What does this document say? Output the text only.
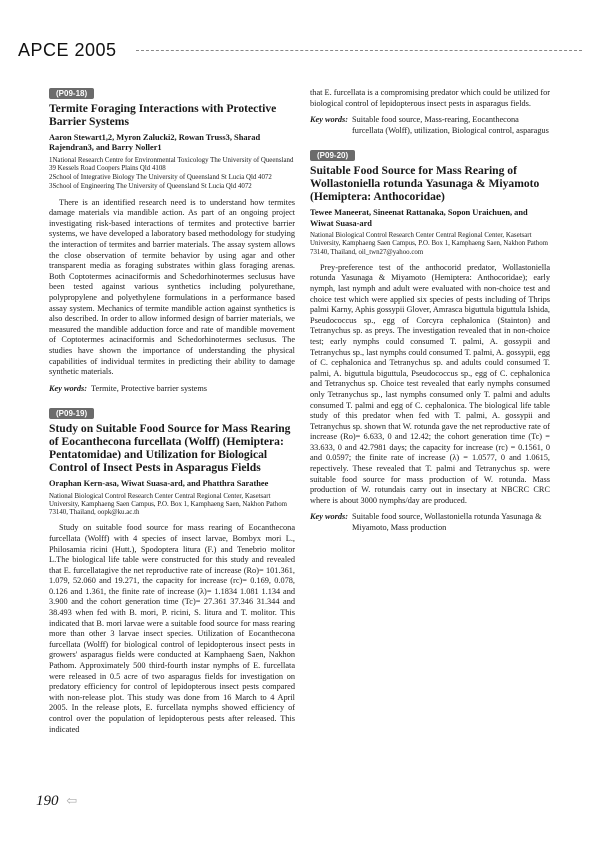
APCE 2005
(P09-18)
Termite Foraging Interactions with Protective Barrier Systems
Aaron Stewart1,2, Myron Zalucki2, Rowan Truss3, Sharad Rajendran3, and Barry Noller1
1National Research Centre for Environmental Toxicology The University of Queensland 39 Kessels Road Coopers Plains Qld 4108
2School of Integrative Biology The University of Queensland St Lucia Qld 4072
3School of Engineering The University of Queensland St Lucia Qld 4072
There is an identified research need is to understand how termites damage materials via mandible action. As part of an ongoing project investigating risk-based interactions of termites and protective barrier systems, we have developed a laboratory based methodology for studying the interaction of termites and barrier materials. The assay system allows the close observation of termite behavior by using agar and other transparent media as foraging substrates within glass foraging arenas. Both Coptotermes acinaciformis and Schedorhinotermes seclusus have been tested against various synthetics including polyurethane, polypropylene and polyethylene formulations in a performance based assay system. Mechanics of termite mandible action against synthetics is also described. In order to allow informed design of barrier materials, we measured the mandible adduction force and rate of mandible movement of Coptotermes acinaciformis and Schedorhinotermes seclusus. The studies have shown the importance of understanding the physical capabilities of individual termites in predicting their ability to damage synthetic materials.
Key words: Termite, Protective barrier systems
(P09-19)
Study on Suitable Food Source for Mass Rearing of Eocanthecona furcellata (Wolff) (Hemiptera: Pentatomidae) and Utilization for Biological Control of Insect Pests in Asparagus Fields
Oraphan Kern-asa, Wiwat Suasa-ard, and Phatthra Sarathee
National Biological Control Research Center Central Regional Center, Kasetsart University, Kamphaeng Saen Campus, P.O. Box 1, Kamphaeng Saen, Nakhon Pathom 73140, Thailand, oopk@ku.ac.th
Study on suitable food source for mass rearing of Eocanthecona furcellata (Wolff) with 4 species of insect larvae, Bombyx mori L., Philosamia ricini (Hutt.), Spodoptera litura (F.) and Tenebrio molitor L.The biological life table were constructed for this study and revealed that E. furcellatagive the net reproductive rate of increase (Ro)= 101.361, 1.079, 52.060 and 19.271, the capacity for increase (rc)= 0.169, 0.078, 0.126 and 1.361, the finite rate of increase (λ)= 1.1834 1.081 1.134 and 3.900 and the cohort generation time (Tc)= 27.361 37.346 31.344 and 38.493 when fed with B. mori, P. ricini, S. litura and T. molitor. This indicated that B. mori larvae were a suitable food source for mass rearing more than other 3 larvae insect species. Utilization of Eocanthecona furcellata (Wolff) for biological control of lepidopterous insect pests in growers' asparagus fields were conducted at Kamphaeng Saen, Nakhon Pathom. Approximately 500 third-fourth instar nymphs of E. furcellata were released in 0.5 acre of two asparagus fields for investigation on predatory efficiency for control of lepidopterous insect pests compared with non-release plot. This study was done from 16 March to 4 April 2005. In the release plots, E. furcellata nymphs showed efficiency of control over the population of lepidopterous pests after released. This indicated
that E. furcellata is a compromising predator which could be utilized for biological control of lepidopterous insect pests in asparagus fields.
Key words: Suitable food source, Mass-rearing, Eocanthecona furcellata (Wolff), utilization, Biological control, asparagus
(P09-20)
Suitable Food Source for Mass Rearing of Wollastoniella rotunda Yasunaga & Miyamoto (Hemiptera: Anthocoridae)
Tewee Maneerat, Sineenat Rattanaka, Sopon Uraichuen, and Wiwat Suasa-ard
National Biological Control Research Center Central Regional Center, Kasetsart University, Kamphaeng Saen Campus, P.O. Box 1, Kamphaeng Saen, Nakhon Pathom 73140, Thailand, oil_twn27@yahoo.com
Prey-preference test of the anthocorid predator, Wollastoniella rotunda Yasunaga & Miyamoto (Hemiptera: Anthocoridae); early nymph, last nymph and adult were evaluated with non-choice test and choice test which were applied six species of pests including of Thrips palmi Karny, Aphis gossypii Glover, Amrasca biguttula biguttula Ishida, Pseudococcus sp., egg of Corcyra cephalonica (Stainton) and Tetranychus sp. as preys. The investigation revealed that in non-choice test; early nymphs could consumed T. palmi, A. gossypii and Tetranychus sp., last nymphs could consumed T. palmi, A. gossypii, egg of C. cephalonica and Tetranychus sp. and adults could consumed T. palmi, A. biguttula biguttula, Pseudococcus sp., egg of C. cephalonica and Tetranychus sp. Choice test revealed that early nymphs consumed only Tetranychus sp., last nymphs consumed only T. palmi and adults consumed T. palmi and egg of C. cephalonica. The biological life table study of this predator when fed with T. palmi, A. gossypii and Tetranychus sp. shown that W. rotunda gave the net reproductive rate of increase (Ro)= 6.633, 0 and 12.42; the cohort generation time (Tc) = 33.633, 0 and 42.7981 days; the capacity for increase (rc) = 0.1561, 0 and 0.0597; the finite rate of increase (λ) = 1.0577, 0 and 1.0615, repectively. These revealed that T. palmi and Tetranychus sp. were suitable food source for mass production of W. rotunda. Mass production of W. rotundais carry out in insectary at NBCRC CRC where is about 3000 nymphs/day are produced.
Key words: Suitable food source, Wollastoniella rotunda Yasunaga & Miyamoto, Mass production
190 ⇦
